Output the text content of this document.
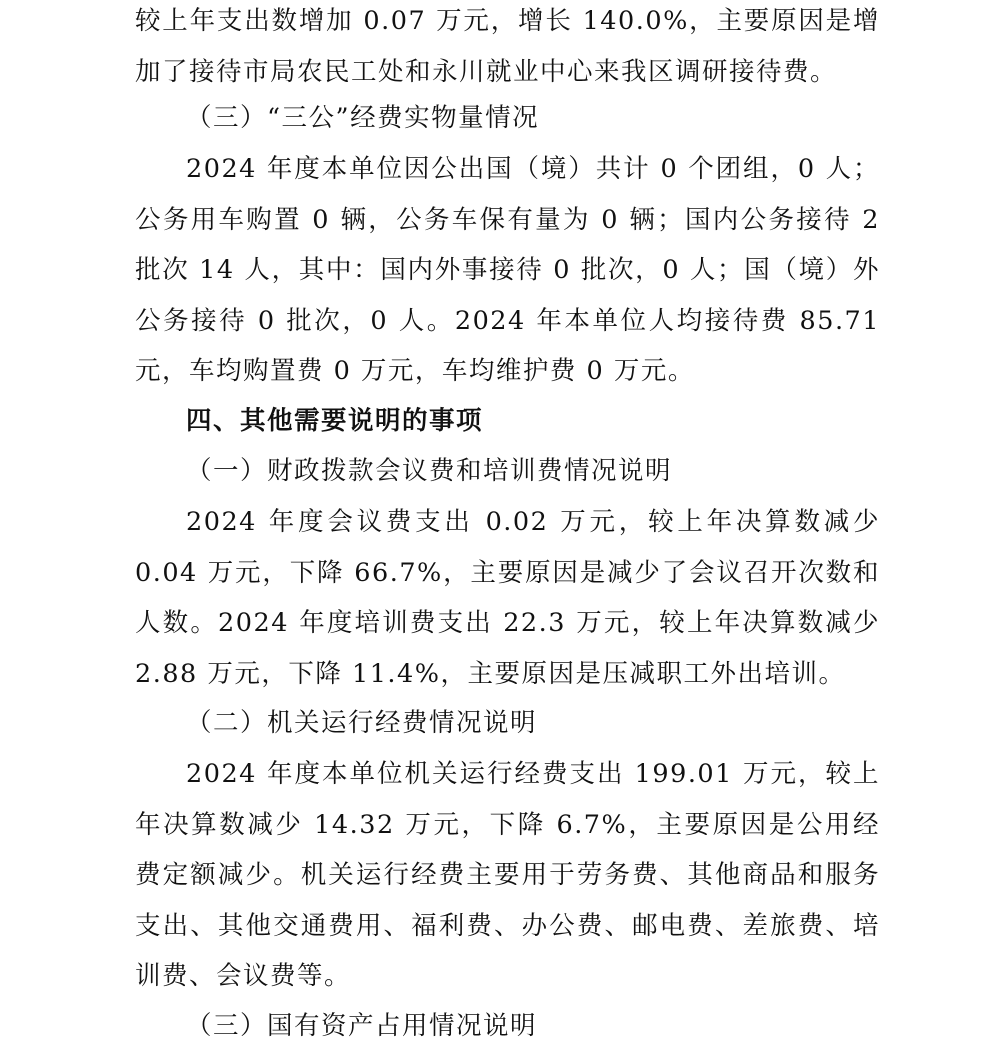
较上年支出数增加 0.07 万元，增长 140.0%，主要原因是增加了接待市局农民工处和永川就业中心来我区调研接待费。

（三）“三公”经费实物量情况

2024 年度本单位因公出国（境）共计 0 个团组，0 人；公务用车购置 0 辆，公务车保有量为 0 辆；国内公务接待 2 批次 14 人，其中：国内外事接待 0 批次，0 人；国（境）外公务接待 0 批次，0 人。2024 年本单位人均接待费 85.71 元，车均购置费 0 万元，车均维护费 0 万元。

四、其他需要说明的事项

（一）财政拨款会议费和培训费情况说明

2024 年度会议费支出 0.02 万元，较上年决算数减少 0.04 万元，下降 66.7%，主要原因是减少了会议召开次数和人数。2024 年度培训费支出 22.3 万元，较上年决算数减少 2.88 万元，下降 11.4%，主要原因是压减职工外出培训。

（二）机关运行经费情况说明

2024 年度本单位机关运行经费支出 199.01 万元，较上年决算数减少 14.32 万元，下降 6.7%，主要原因是公用经费定额减少。机关运行经费主要用于劳务费、其他商品和服务支出、其他交通费用、福利费、办公费、邮电费、差旅费、培训费、会议费等。

（三）国有资产占用情况说明
